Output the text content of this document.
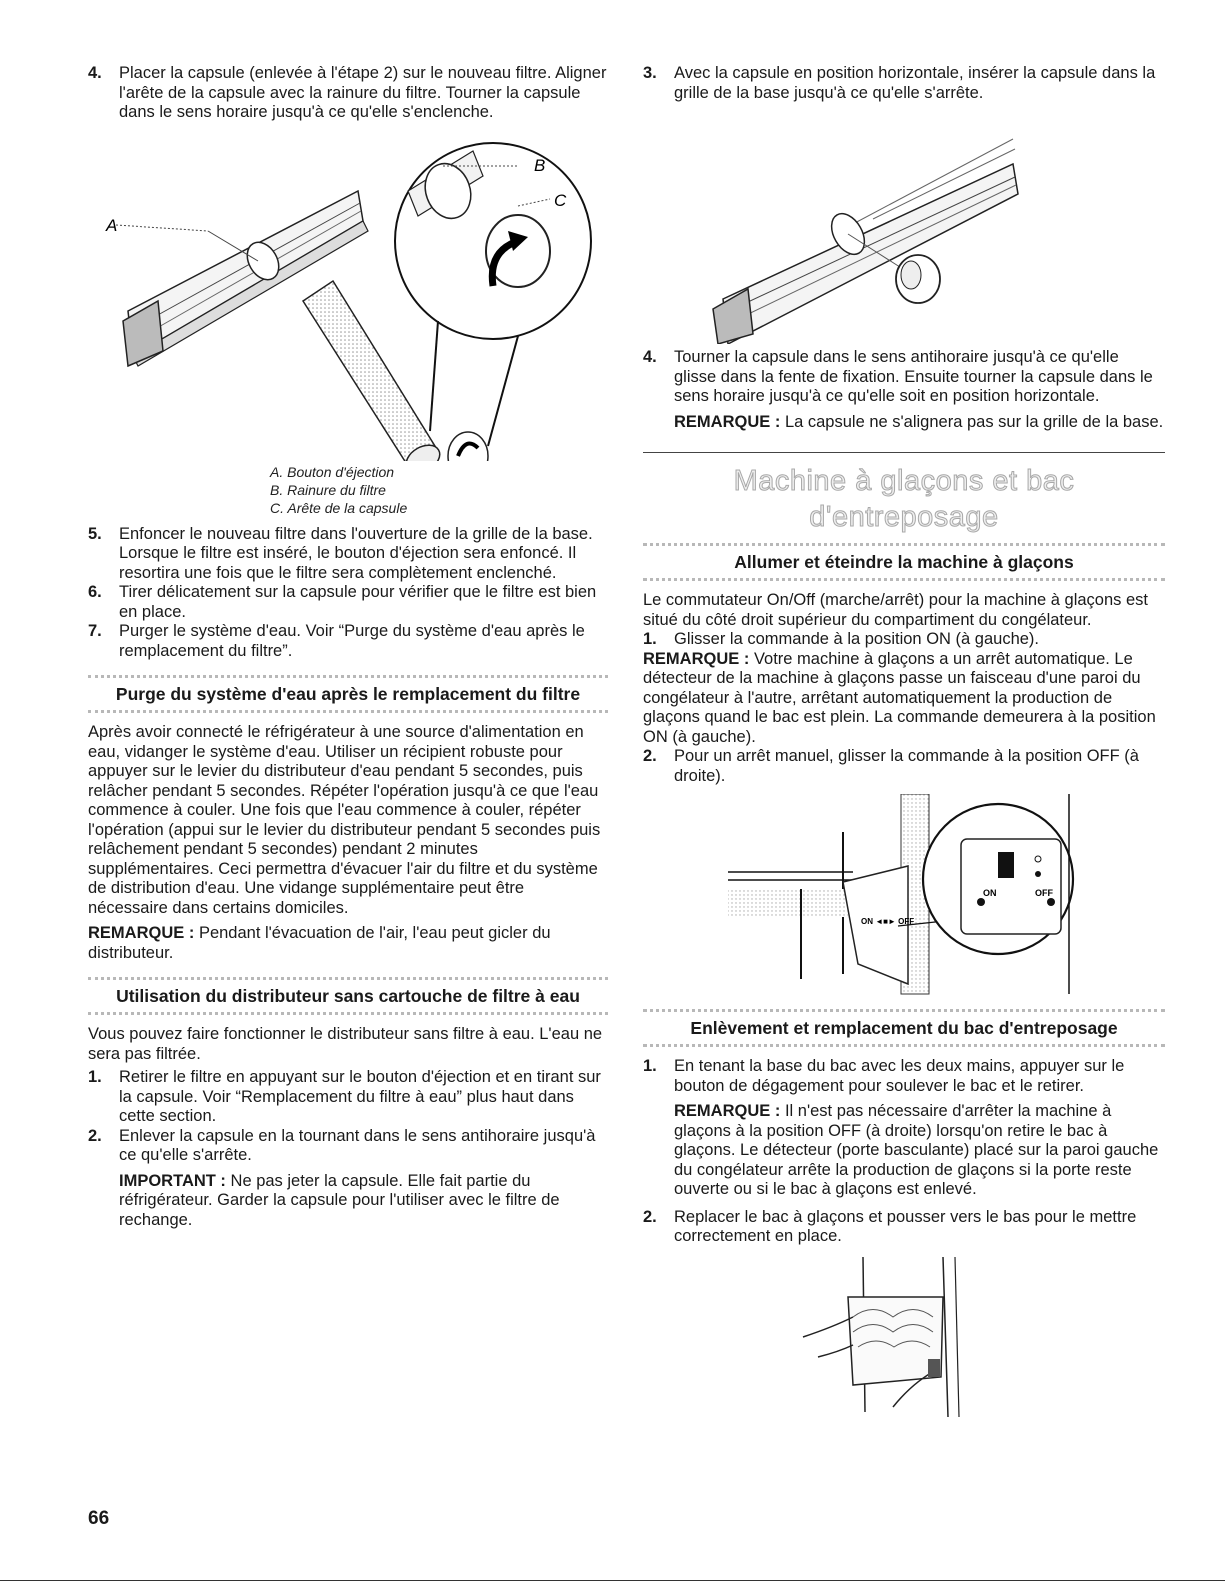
4. Placer la capsule (enlevée à l'étape 2) sur le nouveau filtre. Aligner l'arête de la capsule avec la rainure du filtre. Tourner la capsule dans le sens horaire jusqu'à ce qu'elle s'enclenche.
A
B
C
A. Bouton d'éjection
B. Rainure du filtre
C. Arête de la capsule
5. Enfoncer le nouveau filtre dans l'ouverture de la grille de la base. Lorsque le filtre est inséré, le bouton d'éjection sera enfoncé. Il resortira une fois que le filtre sera complètement enclenché.
6. Tirer délicatement sur la capsule pour vérifier que le filtre est bien en place.
7. Purger le système d'eau. Voir “Purge du système d'eau après le remplacement du filtre”.
Purge du système d'eau après le remplacement du filtre

Après avoir connecté le réfrigérateur à une source d'alimentation en eau, vidanger le système d'eau. Utiliser un récipient robuste pour appuyer sur le levier du distributeur d'eau pendant 5 secondes, puis relâcher pendant 5 secondes. Répéter l'opération jusqu'à ce que l'eau commence à couler. Une fois que l'eau commence à couler, répéter l'opération (appui sur le levier du distributeur pendant 5 secondes puis relâchement pendant 5 secondes) pendant 2 minutes supplémentaires. Ceci permettra d'évacuer l'air du filtre et du système de distribution d'eau. Une vidange supplémentaire peut être nécessaire dans certains domiciles.

REMARQUE : Pendant l'évacuation de l'air, l'eau peut gicler du distributeur.

Utilisation du distributeur sans cartouche de filtre à eau

Vous pouvez faire fonctionner le distributeur sans filtre à eau. L'eau ne sera pas filtrée.

1. Retirer le filtre en appuyant sur le bouton d'éjection et en tirant sur la capsule. Voir “Remplacement du filtre à eau” plus haut dans cette section.
2. Enlever la capsule en la tournant dans le sens antihoraire jusqu'à ce qu'elle s'arrête.
IMPORTANT : Ne pas jeter la capsule. Elle fait partie du réfrigérateur. Garder la capsule pour l'utiliser avec le filtre de rechange.
3. Avec la capsule en position horizontale, insérer la capsule dans la grille de la base jusqu'à ce qu'elle s'arrête.
4. Tourner la capsule dans le sens antihoraire jusqu'à ce qu'elle glisse dans la fente de fixation. Ensuite tourner la capsule dans le sens horaire jusqu'à ce qu'elle soit en position horizontale.
REMARQUE : La capsule ne s'alignera pas sur la grille de la base.
Machine à glaçons et bac d'entreposage
Allumer et éteindre la machine à glaçons

Le commutateur On/Off (marche/arrêt) pour la machine à glaçons est situé du côté droit supérieur du compartiment du congélateur.

1. Glisser la commande à la position ON (à gauche).

REMARQUE : Votre machine à glaçons a un arrêt automatique. Le détecteur de la machine à glaçons passe un faisceau d'une paroi du congélateur à l'autre, arrêtant automatiquement la production de glaçons quand le bac est plein. La commande demeurera à la position ON (à gauche).

2. Pour un arrêt manuel, glisser la commande à la position OFF (à droite).
ON ◄■► OFF
ON	OFF
Enlèvement et remplacement du bac d'entreposage
1. En tenant la base du bac avec les deux mains, appuyer sur le bouton de dégagement pour soulever le bac et le retirer.
REMARQUE : Il n'est pas nécessaire d'arrêter la machine à glaçons à la position OFF (à droite) lorsqu'on retire le bac à glaçons. Le détecteur (porte basculante) placé sur la paroi gauche du congélateur arrête la production de glaçons si la porte reste ouverte ou si le bac à glaçons est enlevé.
2. Replacer le bac à glaçons et pousser vers le bas pour le mettre correctement en place.
66
